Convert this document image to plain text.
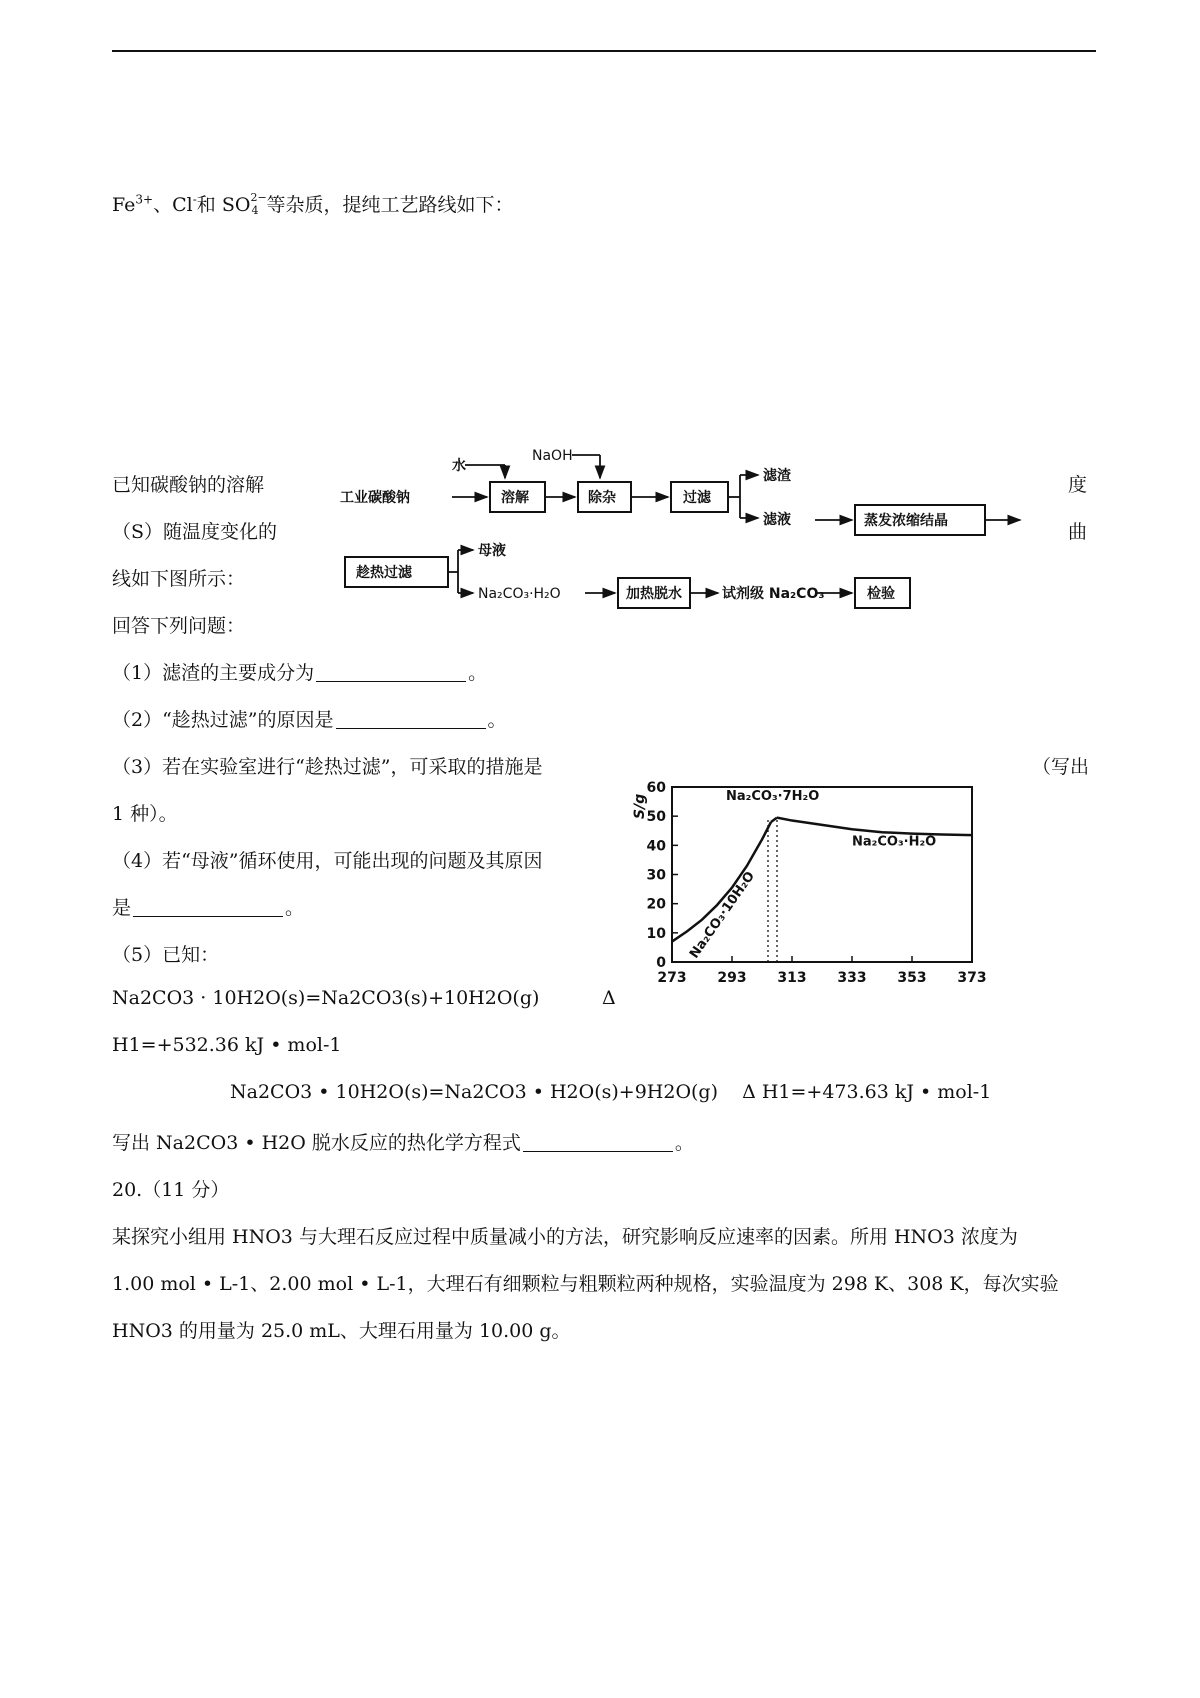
$Fe^{3+}$、Cl-和 SO 2−
4 等杂质，提纯工艺路线如下：
已知碳酸钠的溶解	度
（S）随温度变化的	曲
线如下图所示：
回答下列问题：
工业碳酸钠
水
NaOH
溶解	除杂	过滤
滤渣
滤液	蒸发浓缩结晶
趁热过滤
母液
Na₂CO₃·H₂O	加热脱水	试剂级 Na₂CO₃	检验
（1）滤渣的主要成分为	。
（2）“趁热过滤”的原因是	。
（3）若在实验室进行“趁热过滤”，可采取的措施是	（写出
1 种）。
（4）若“母液”循环使用，可能出现的问题及其原因
是	。
（5）已知：
Na2CO3 · 10H2O(s)=Na2CO3(s)+10H2O(g)	Δ
H1=+532.36 kJ • mol-1
Na2CO3 • 10H2O(s)=Na2CO3 • H2O(s)+9H2O(g) Δ H1=+473.63 kJ • mol-1
写出 Na2CO3 • H2O 脱水反应的热化学方程式	。
20.（11 分）
某探究小组用 HNO3 与大理石反应过程中质量减小的方法，研究影响反应速率的因素。所用 HNO3 浓度为
1.00 mol • L-1、2.00 mol • L-1，大理石有细颗粒与粗颗粒两种规格，实验温度为 298 K、308 K，每次实验
HNO3 的用量为 25.0 mL、大理石用量为 10.00 g。
0
10
20
30
40
50
60
273 293 313 333 353 373
S/g
Na₂CO₃·10H₂O
Na₂CO₃·7H₂O
Na₂CO₃·H₂O
